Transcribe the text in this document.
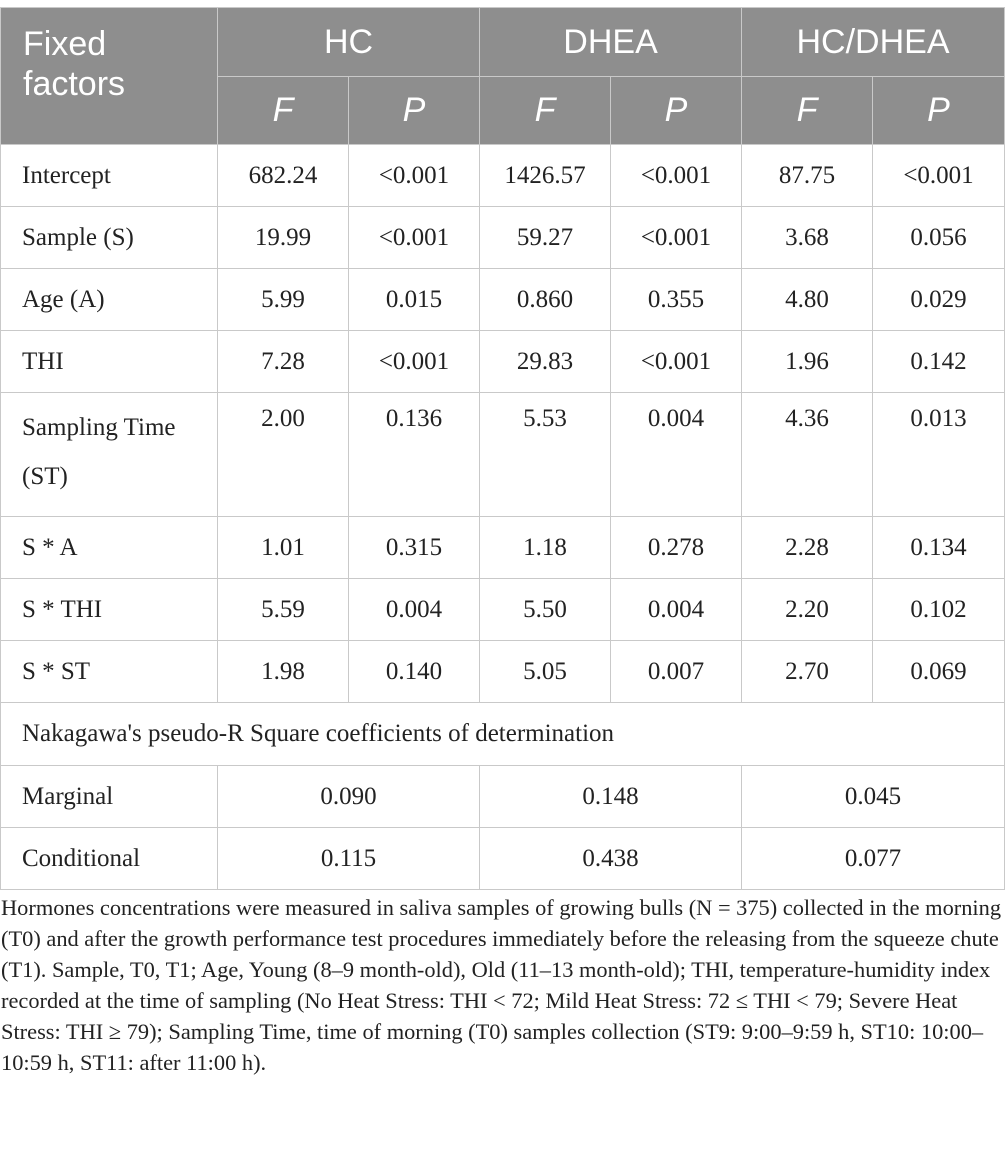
Fixed factors	HC		DHEA		HC/DHEA	
	F	P	F	P	F	P
Intercept	682.24	<0.001	1426.57	<0.001	87.75	<0.001
Sample (S)	19.99	<0.001	59.27	<0.001	3.68	0.056
Age (A)	5.99	0.015	0.860	0.355	4.80	0.029
THI	7.28	<0.001	29.83	<0.001	1.96	0.142
Sampling Time (ST)	2.00	0.136	5.53	0.004	4.36	0.013
S * A	1.01	0.315	1.18	0.278	2.28	0.134
S * THI	5.59	0.004	5.50	0.004	2.20	0.102
S * ST	1.98	0.140	5.05	0.007	2.70	0.069
Nakagawa's pseudo-R Square coefficients of determination						
Marginal	0.090		0.148		0.045	
Conditional	0.115		0.438		0.077	

Hormones concentrations were measured in saliva samples of growing bulls (N = 375) collected in the morning (T0) and after the growth performance test procedures immediately before the releasing from the squeeze chute (T1). Sample, T0, T1; Age, Young (8–9 month-old), Old (11–13 month-old); THI, temperature-humidity index recorded at the time of sampling (No Heat Stress: THI < 72; Mild Heat Stress: 72 ≤ THI < 79; Severe Heat Stress: THI ≥ 79); Sampling Time, time of morning (T0) samples collection (ST9: 9:00–9:59 h, ST10: 10:00–10:59 h, ST11: after 11:00 h).
